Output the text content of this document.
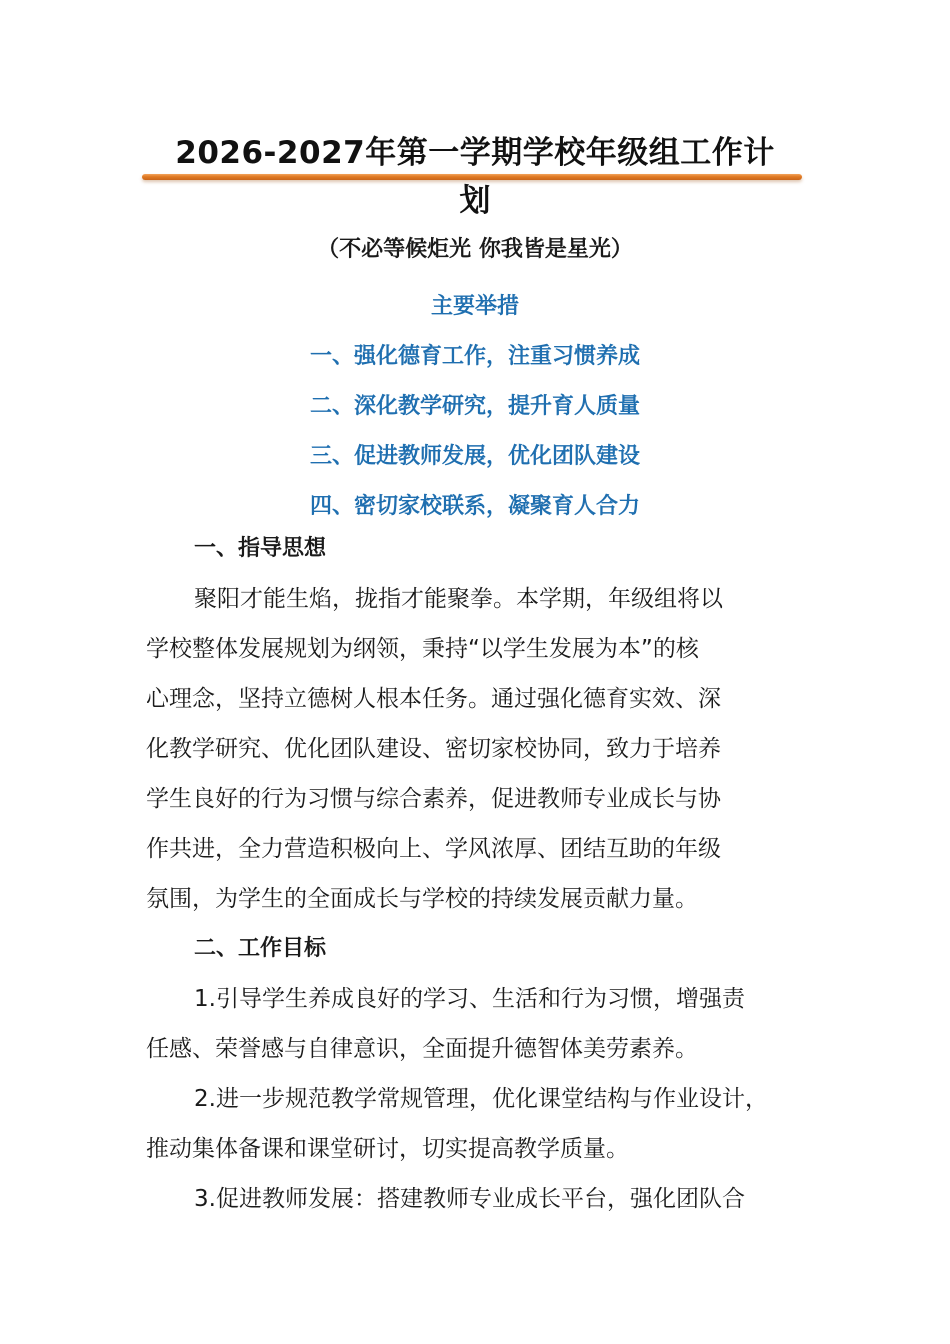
2026-2027年第一学期学校年级组工作计
划
（不必等候炬光 你我皆是星光）
主要举措
一、强化德育工作，注重习惯养成
二、深化教学研究，提升育人质量
三、促进教师发展，优化团队建设
四、密切家校联系，凝聚育人合力
一、指导思想
聚阳才能生焰，拢指才能聚拳。本学期，年级组将以
学校整体发展规划为纲领，秉持“以学生发展为本”的核
心理念，坚持立德树人根本任务。通过强化德育实效、深
化教学研究、优化团队建设、密切家校协同，致力于培养
学生良好的行为习惯与综合素养，促进教师专业成长与协
作共进，全力营造积极向上、学风浓厚、团结互助的年级
氛围，为学生的全面成长与学校的持续发展贡献力量。
二、工作目标
1.引导学生养成良好的学习、生活和行为习惯，增强责
任感、荣誉感与自律意识，全面提升德智体美劳素养。
2.进一步规范教学常规管理，优化课堂结构与作业设计，
推动集体备课和课堂研讨，切实提高教学质量。
3.促进教师发展：搭建教师专业成长平台，强化团队合
